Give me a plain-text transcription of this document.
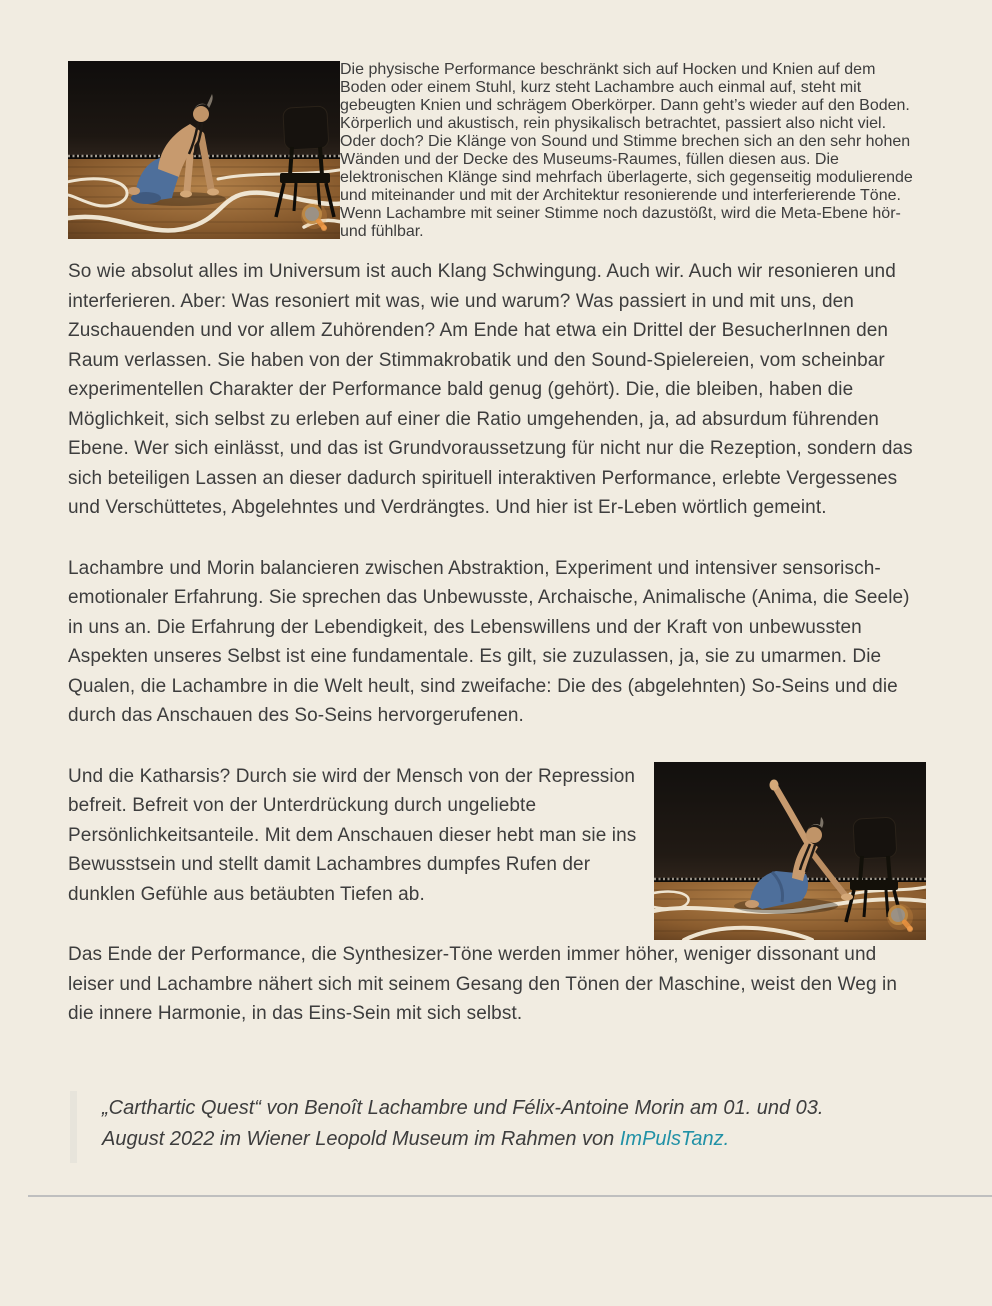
Die physische Performance beschränkt sich auf Hocken und Knien auf dem Boden oder einem Stuhl, kurz steht Lachambre auch einmal auf, steht mit gebeugten Knien und schrägem Oberkörper. Dann geht’s wieder auf den Boden. Körperlich und akustisch, rein physikalisch betrachtet, passiert also nicht viel. Oder doch? Die Klänge von Sound und Stimme brechen sich an den sehr hohen Wänden und der Decke des Museums-Raumes, füllen diesen aus. Die elektronischen Klänge sind mehrfach überlagerte, sich gegenseitig modulierende und miteinander und mit der Architektur resonierende und interferierende Töne. Wenn Lachambre mit seiner Stimme noch dazustößt, wird die Meta-Ebene hör- und fühlbar.

So wie absolut alles im Universum ist auch Klang Schwingung. Auch wir. Auch wir resonieren und interferieren. Aber: Was resoniert mit was, wie und warum? Was passiert in und mit uns, den Zuschauenden und vor allem Zuhörenden? Am Ende hat etwa ein Drittel der BesucherInnen den Raum verlassen. Sie haben von der Stimmakrobatik und den Sound-Spielereien, vom scheinbar experimentellen Charakter der Performance bald genug (gehört). Die, die bleiben, haben die Möglichkeit, sich selbst zu erleben auf einer die Ratio umgehenden, ja, ad absurdum führenden Ebene. Wer sich einlässt, und das ist Grundvoraussetzung für nicht nur die Rezeption, sondern das sich beteiligen Lassen an dieser dadurch spirituell interaktiven Performance, erlebte Vergessenes und Verschüttetes, Abgelehntes und Verdrängtes. Und hier ist Er-Leben wörtlich gemeint.

Lachambre und Morin balancieren zwischen Abstraktion, Experiment und intensiver sensorisch-emotionaler Erfahrung. Sie sprechen das Unbewusste, Archaische, Animalische (Anima, die Seele) in uns an. Die Erfahrung der Lebendigkeit, des Lebenswillens und der Kraft von unbewussten Aspekten unseres Selbst ist eine fundamentale. Es gilt, sie zuzulassen, ja, sie zu umarmen. Die Qualen, die Lachambre in die Welt heult, sind zweifache: Die des (abgelehnten) So-Seins und die durch das Anschauen des So-Seins hervorgerufenen.

Und die Katharsis? Durch sie wird der Mensch von der Repression befreit. Befreit von der Unterdrückung durch ungeliebte Persönlichkeitsanteile. Mit dem Anschauen dieser hebt man sie ins Bewusstsein und stellt damit Lachambres dumpfes Rufen der dunklen Gefühle aus betäubten Tiefen ab.

Das Ende der Performance, die Synthesizer-Töne werden immer höher, weniger dissonant und leiser und Lachambre nähert sich mit seinem Gesang den Tönen der Maschine, weist den Weg in die innere Harmonie, in das Eins-Sein mit sich selbst.

„Carthartic Quest“ von Benoît Lachambre und Félix-Antoine Morin am 01. und 03. August 2022 im Wiener Leopold Museum im Rahmen von ImPulsTanz.
